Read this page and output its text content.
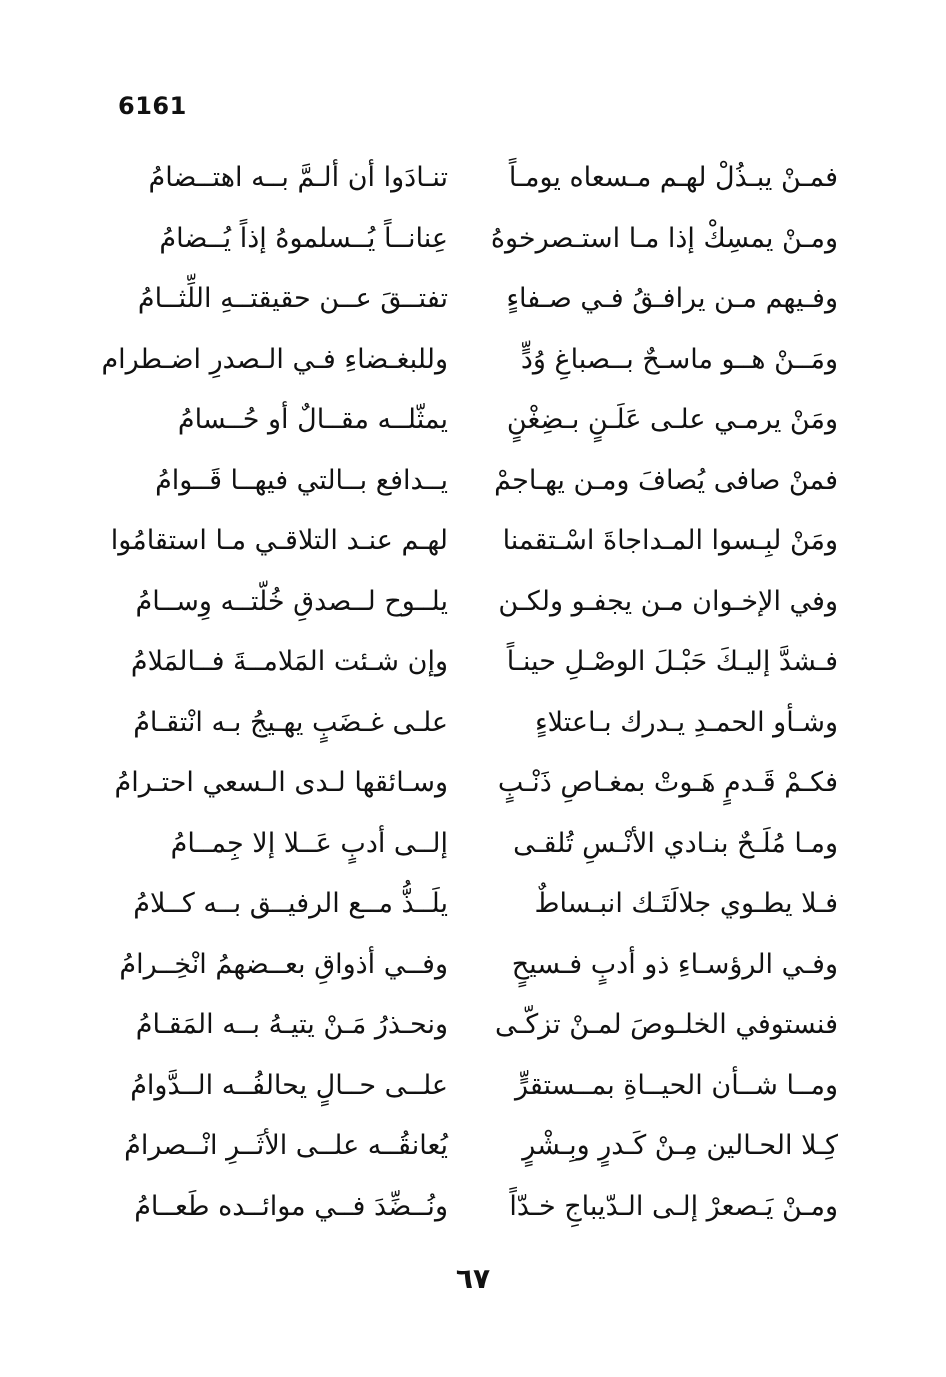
6161
فمـنْ يبـذُلْ لهـم مـسعاه يومـاً
تنـادَوا أن ألـمَّ بــه اهتــضامُ
ومـنْ يمسِكْ إذا مـا استـصرخوهُ
عِنانــاً يُــسلموهُ إذاً يُــضامُ
وفـيهم مـن يرافـقُ فـي صـفاءٍ
تفتــقَ عــن حقيقتــهِ اللِّثــامُ
ومَــنْ هــو ماسـحٌ بــصباغِ وُدٍّ
وللبغـضاءِ فـي الـصدرِ اضـطرام
ومَنْ يرمـي علـى عَلَـنٍ بـضِغْنٍ
يمثّلــه مقــالٌ أو حُــسامُ
فمنْ صافى يُصافَ ومـن يهـاجمْ
يــدافع بــالتي فيهــا قَــوامُ
ومَنْ لبِـسوا المـداجاةَ اسْـتقمنا
لهـم عنـد التلاقـي مـا استقامُوا
وفي الإخـوان مـن يجفـو ولكـن
يلــوح لــصدقِ خُلّتــه وِســامُ
فـشدَّ إليـكَ حَبْـلَ الوصْـلِ حينـاً
وإن شـئت المَلامــةَ فــالمَلامُ
وشـأو الحمـدِ يـدرك بـاعتلاءٍ
علـى غـضَبٍ يهـيجُ بـه انْتقـامُ
فكـمْ قَـدمٍ هَـوتْ بمغـاصِ ذَنْـبٍ
وسـائقها لـدى الـسعي احتـرامُ
ومـا مُلَـحٌ بنـادي الأنْـسِ تُلقـى
إلــى أدبٍ عَــلا إلا جِمــامُ
فـلا يطـوي جلالَتَـك انبـساطٌ
يلَــذُّ مــع الرفيــق بــه كــلامُ
وفـي الرؤسـاءِ ذو أدبٍ فـسيحٍ
وفــي أذواقِ بعــضهمُ انْخِــرامُ
فنستوفي الخلـوصَ لمـنْ تزكّـى
ونحـذرُ مَـنْ يتيـهُ بــه المَقـامُ
ومــا شــأن الحيــاةِ بمــستقرٍّ
علــى حــالٍ يحالفُــه الــدَّوامُ
كِـلا الحـالين مِـنْ كَـدرٍ وبِـشْرٍ
يُعانقُــه علــى الأثَــرِ انْــصرامُ
ومـنْ يَـصعرْ إلـى الـدّيباجِ خـدّاً
ونُــضِّدَ فــي موائــده طَعــامُ
٦٧
